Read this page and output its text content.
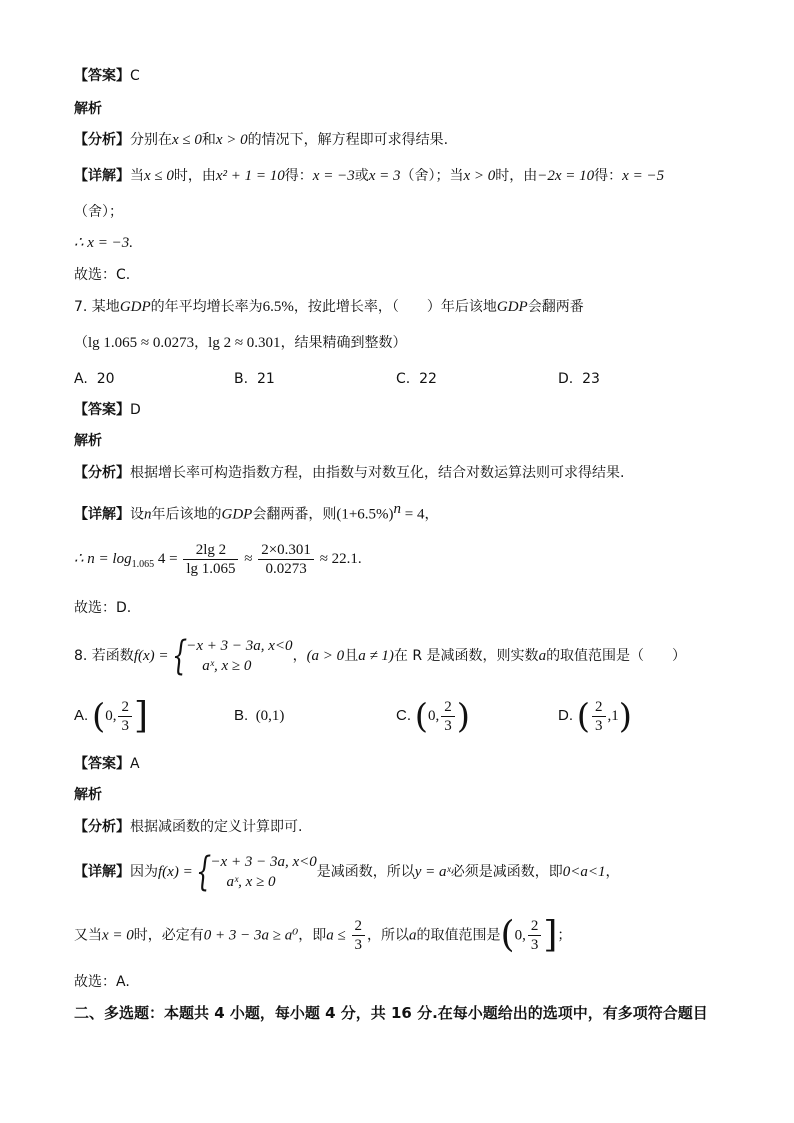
【答案】C
解析
【分析】分别在x ≤ 0和x > 0的情况下，解方程即可求得结果.
【详解】当x ≤ 0时，由x² + 1 = 10得：x = −3或x = 3（舍）；当x > 0时，由−2x = 10得：x = −5
（舍）；
∴ x = −3.
故选：C.
7. 某地GDP的年平均增长率为6.5%，按此增长率，（　　）年后该地GDP会翻两番
（lg 1.065 ≈ 0.0273，lg 2 ≈ 0.301，结果精确到整数）
A. 20	B. 21	C. 22	D. 23
【答案】D
解析
【分析】根据增长率可构造指数方程，由指数与对数互化，结合对数运算法则可求得结果.
【详解】设n年后该地的GDP会翻两番，则$(1+6.5\%)^n = 4$，
∴ $n = \log_{1.065} 4 = \frac{2\lg 2}{\lg 1.065} \approx \frac{2\times 0.301}{0.0273} \approx 22.1$.
故选：D.
8. 若函数f(x) = {
−x + 3 − 3a, x<0
aˣ, x ≥ 0
，(a > 0且a ≠ 1)在 R 是减函数，则实数a的取值范围是（　　）
A. (0, $\frac{2}{3}$ ]	B. (0,1)	C. (0, $\frac{2}{3}$ )	D. ( $\frac{2}{3} ,1$)
【答案】A
解析
【分析】根据减函数的定义计算即可.
【详解】因为f(x) = {
−x + 3 − 3a, x<0
aˣ, x ≥ 0
是减函数，所以y = aˣ必须是减函数，即0<a<1，
又当x = 0时，必定有0 + 3 − 3a ≥ a⁰，即$a \le \frac{2}{3}$ ，所以a的取值范围是(0, $\frac{2}{3}$ ]；
故选：A.
二、多选题：本题共 4 小题，每小题 4 分，共 16 分.在每小题给出的选项中，有多项符合题目
